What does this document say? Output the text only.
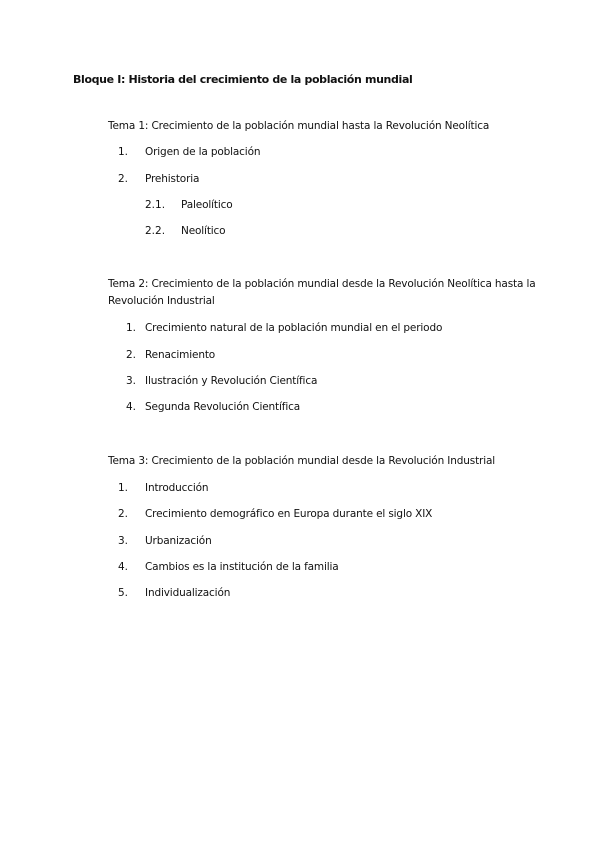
Bloque I: Historia del crecimiento de la población mundial
Tema 1: Crecimiento de la población mundial hasta la Revolución Neolítica
1. Origen de la población
2. Prehistoria
2.1. Paleolítico
2.2. Neolítico
Tema 2: Crecimiento de la población mundial desde la Revolución Neolítica hasta la
Revolución Industrial
1. Crecimiento natural de la población mundial en el periodo
2. Renacimiento
3. Ilustración y Revolución Científica
4. Segunda Revolución Científica
Tema 3: Crecimiento de la población mundial desde la Revolución Industrial
1. Introducción
2. Crecimiento demográfico en Europa durante el siglo XIX
3. Urbanización
4. Cambios es la institución de la familia
5. Individualización
